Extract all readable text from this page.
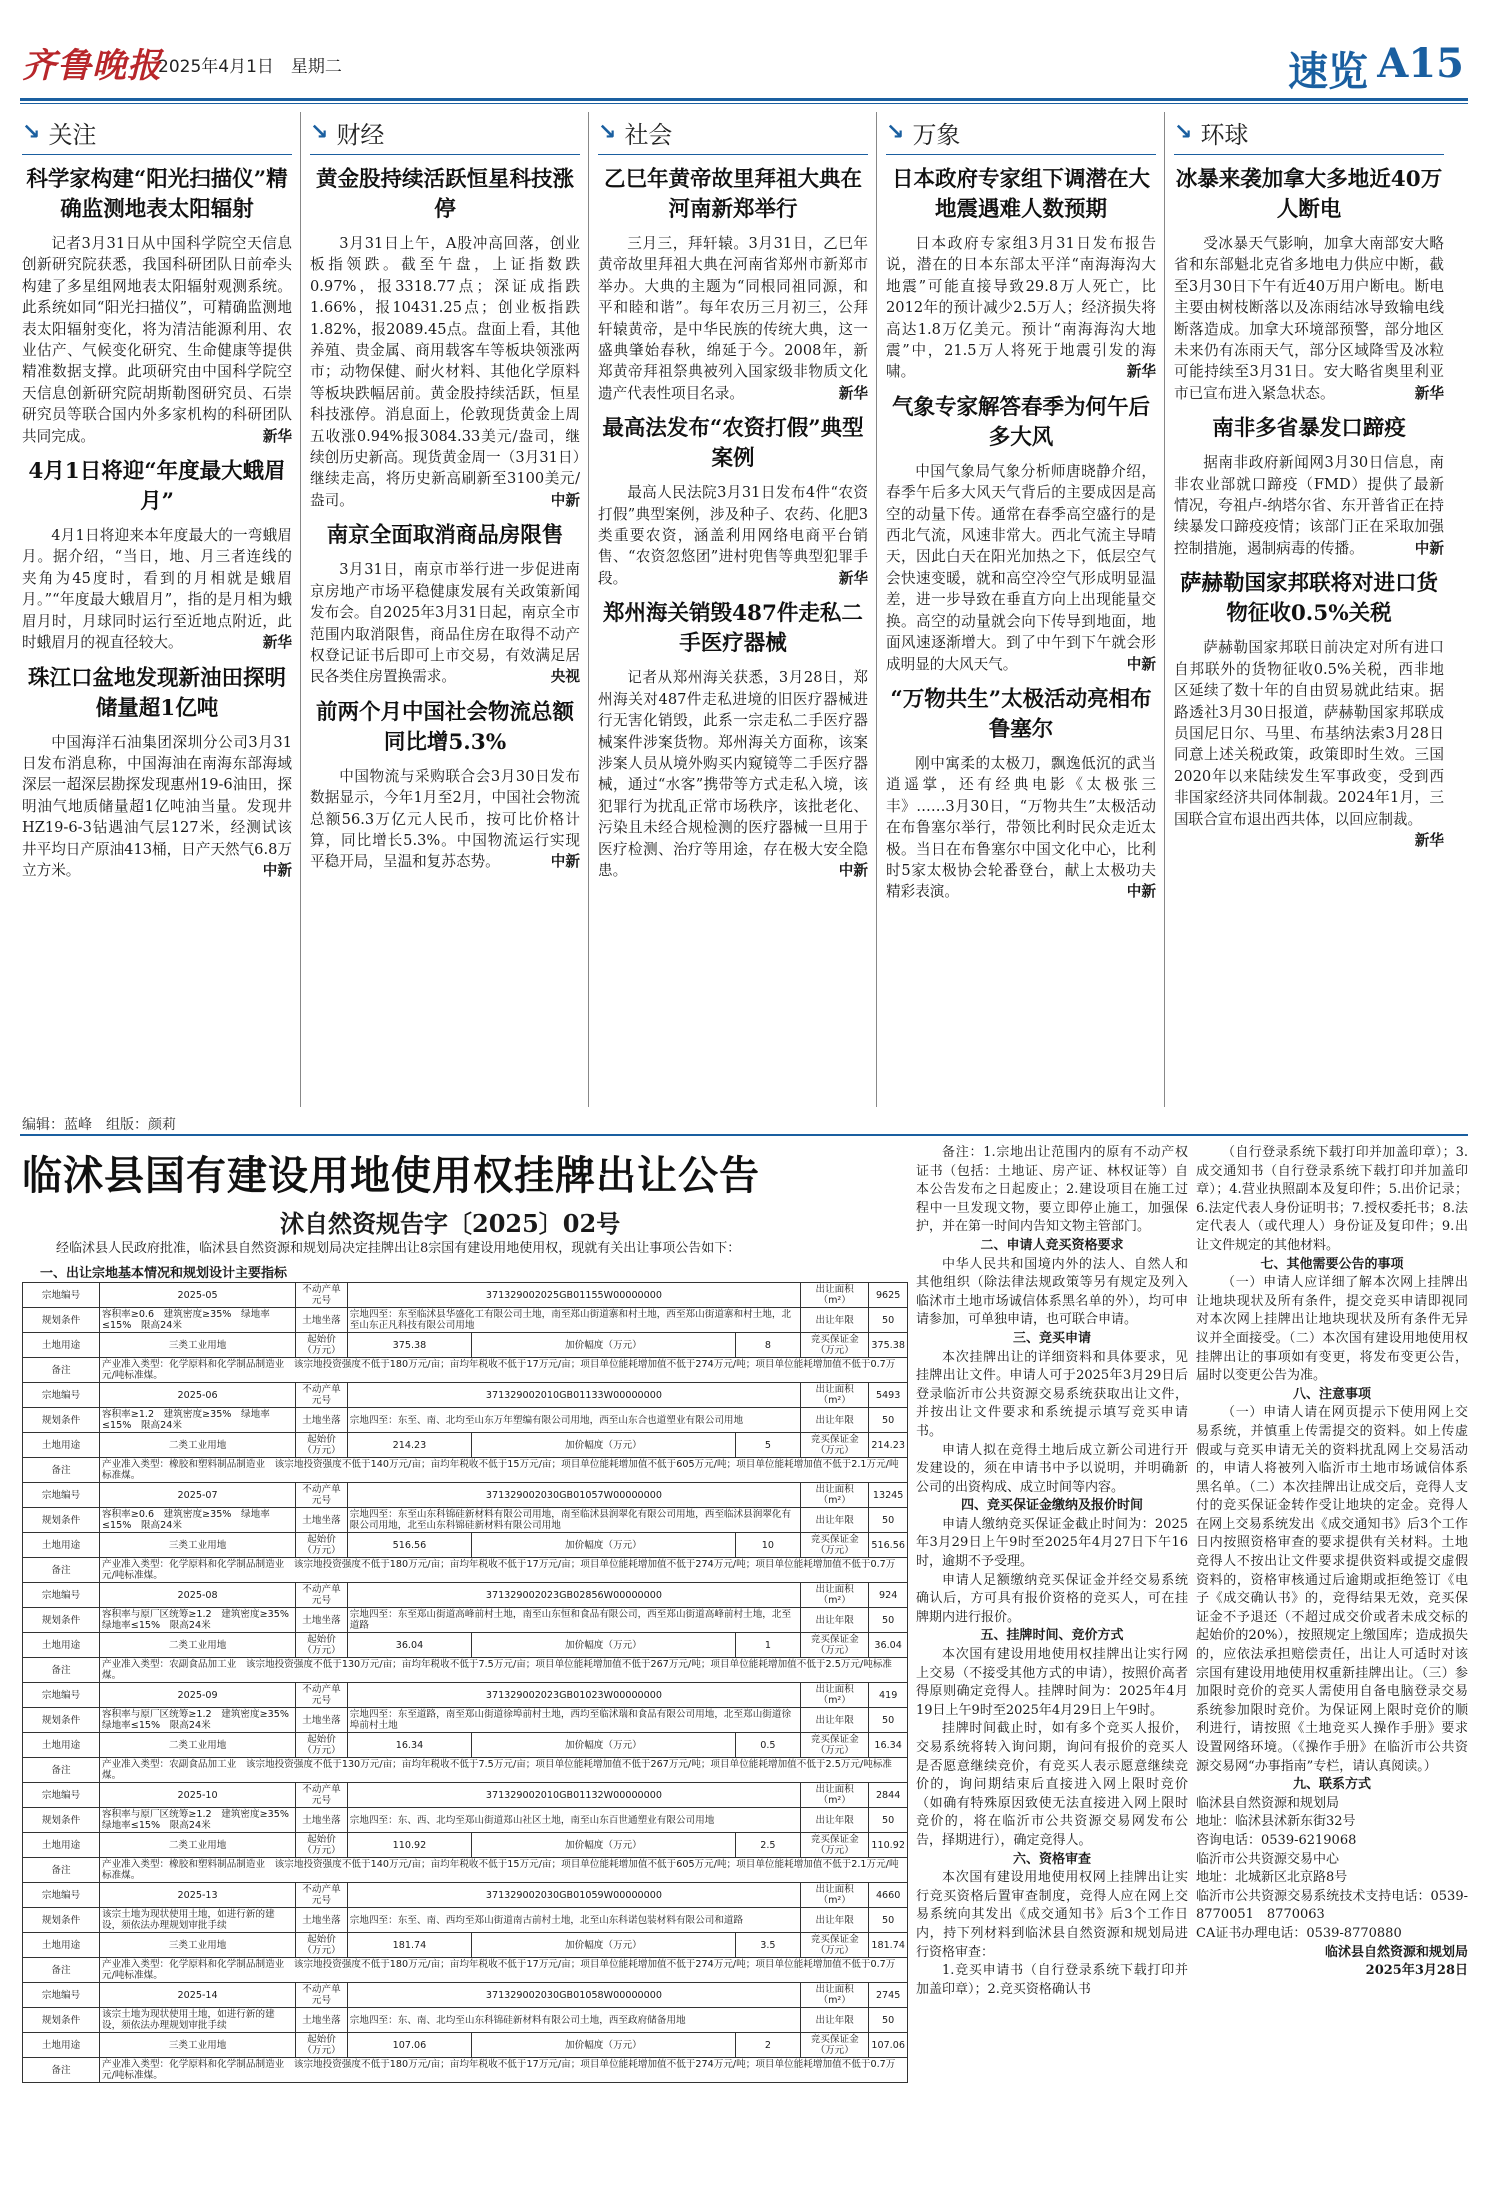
齐鲁晚报
2025年4月1日　星期二	速览 A15
↘ 关注
科学家构建“阳光扫描仪”精确监测地表太阳辐射

记者3月31日从中国科学院空天信息创新研究院获悉，我国科研团队日前牵头构建了多星组网地表太阳辐射观测系统。此系统如同“阳光扫描仪”，可精确监测地表太阳辐射变化，将为清洁能源利用、农业估产、气候变化研究、生命健康等提供精准数据支撑。此项研究由中国科学院空天信息创新研究院胡斯勒图研究员、石崇研究员等联合国内外多家机构的科研团队共同完成。	新华

4月1日将迎“年度最大蛾眉月”

4月1日将迎来本年度最大的一弯蛾眉月。据介绍，“当日，地、月三者连线的夹角为45度时，看到的月相就是蛾眉月。”“年度最大蛾眉月”，指的是月相为蛾眉月时，月球同时运行至近地点附近，此时蛾眉月的视直径较大。	新华

珠江口盆地发现新油田探明储量超1亿吨

中国海洋石油集团深圳分公司3月31日发布消息称，中国海油在南海东部海域深层一超深层勘探发现惠州19-6油田，探明油气地质储量超1亿吨油当量。发现井HZ19-6-3钻遇油气层127米，经测试该井平均日产原油413桶，日产天然气6.8万立方米。	中新

↘ 财经
黄金股持续活跃恒星科技涨停

3月31日上午，A股冲高回落，创业板指领跌。截至午盘，上证指数跌0.97%，报3318.77点；深证成指跌1.66%，报10431.25点；创业板指跌1.82%，报2089.45点。盘面上看，其他养殖、贵金属、商用载客车等板块领涨两市；动物保健、耐火材料、其他化学原料等板块跌幅居前。黄金股持续活跃，恒星科技涨停。消息面上，伦敦现货黄金上周五收涨0.94%报3084.33美元/盎司，继续创历史新高。现货黄金周一（3月31日）继续走高，将历史新高刷新至3100美元/盎司。	中新

南京全面取消商品房限售

3月31日，南京市举行进一步促进南京房地产市场平稳健康发展有关政策新闻发布会。自2025年3月31日起，南京全市范围内取消限售，商品住房在取得不动产权登记证书后即可上市交易，有效满足居民各类住房置换需求。	央视

前两个月中国社会物流总额同比增5.3%

中国物流与采购联合会3月30日发布数据显示，今年1月至2月，中国社会物流总额56.3万亿元人民币，按可比价格计算，同比增长5.3%。中国物流运行实现平稳开局，呈温和复苏态势。	中新

↘ 社会
乙巳年黄帝故里拜祖大典在河南新郑举行

三月三，拜轩辕。3月31日，乙巳年黄帝故里拜祖大典在河南省郑州市新郑市举办。大典的主题为“同根同祖同源，和平和睦和谐”。每年农历三月初三，公拜轩辕黄帝，是中华民族的传统大典，这一盛典肇始春秋，绵延于今。2008年，新郑黄帝拜祖祭典被列入国家级非物质文化遗产代表性项目名录。	新华

最高法发布“农资打假”典型案例

最高人民法院3月31日发布4件“农资打假”典型案例，涉及种子、农药、化肥3类重要农资，涵盖利用网络电商平台销售、“农资忽悠团”进村兜售等典型犯罪手段。	新华

郑州海关销毁487件走私二手医疗器械

记者从郑州海关获悉，3月28日，郑州海关对487件走私进境的旧医疗器械进行无害化销毁，此系一宗走私二手医疗器械案件涉案货物。郑州海关方面称，该案涉案人员从境外购买内窥镜等二手医疗器械，通过“水客”携带等方式走私入境，该犯罪行为扰乱正常市场秩序，该批老化、污染且未经合规检测的医疗器械一旦用于医疗检测、治疗等用途，存在极大安全隐患。	中新

↘ 万象
日本政府专家组下调潜在大地震遇难人数预期

日本政府专家组3月31日发布报告说，潜在的日本东部太平洋“南海海沟大地震”可能直接导致29.8万人死亡，比2012年的预计减少2.5万人；经济损失将高达1.8万亿美元。预计“南海海沟大地震”中，21.5万人将死于地震引发的海啸。	新华

气象专家解答春季为何午后多大风

中国气象局气象分析师唐晓静介绍，春季午后多大风天气背后的主要成因是高空的动量下传。通常在春季高空盛行的是西北气流，风速非常大。西北气流主导晴天，因此白天在阳光加热之下，低层空气会快速变暖，就和高空冷空气形成明显温差，进一步导致在垂直方向上出现能量交换。高空的动量就会向下传导到地面，地面风速逐渐增大。到了中午到下午就会形成明显的大风天气。	中新

“万物共生”太极活动亮相布鲁塞尔

刚中寓柔的太极刀，飘逸低沉的武当逍遥掌，还有经典电影《太极张三丰》……3月30日，“万物共生”太极活动在布鲁塞尔举行，带领比利时民众走近太极。当日在布鲁塞尔中国文化中心，比利时5家太极协会轮番登台，献上太极功夫精彩表演。	中新

↘ 环球
冰暴来袭加拿大多地近40万人断电

受冰暴天气影响，加拿大南部安大略省和东部魁北克省多地电力供应中断，截至3月30日下午有近40万用户断电。断电主要由树枝断落以及冻雨结冰导致输电线断落造成。加拿大环境部预警，部分地区未来仍有冻雨天气，部分区域降雪及冰粒可能持续至3月31日。安大略省奥里利亚市已宣布进入紧急状态。	新华

南非多省暴发口蹄疫

据南非政府新闻网3月30日信息，南非农业部就口蹄疫（FMD）提供了最新情况，夸祖卢-纳塔尔省、东开普省正在持续暴发口蹄疫疫情；该部门正在采取加强控制措施，遏制病毒的传播。	中新

萨赫勒国家邦联将对进口货物征收0.5%关税

萨赫勒国家邦联日前决定对所有进口自邦联外的货物征收0.5%关税，西非地区延续了数十年的自由贸易就此结束。据路透社3月30日报道，萨赫勒国家邦联成员国尼日尔、马里、布基纳法索3月28日同意上述关税政策，政策即时生效。三国2020年以来陆续发生军事政变，受到西非国家经济共同体制裁。2024年1月，三国联合宣布退出西共体，以回应制裁。
新华

编辑：蓝峰　组版：颜莉
临沭县国有建设用地使用权挂牌出让公告
沭自然资规告字〔2025〕02号
经临沭县人民政府批准，临沭县自然资源和规划局决定挂牌出让8宗国有建设用地使用权，现就有关出让事项公告如下：
一、出让宗地基本情况和规划设计主要指标
宗地编号	2025-05	不动产单元号	371329002025GB01155W00000000			出让面积（m²）	9625
规划条件	容积率≥0.6　建筑密度≥35%　绿地率≤15%　限高24米	土地坐落	宗地四至：东至临沭县华盛化工有限公司土地，南至郑山街道寨和村土地，西至郑山街道寨和村土地，北至山东正凡科技有限公司用地			出让年限	50
土地用途	三类工业用地	起始价（万元）	375.38	加价幅度（万元）	8	竞买保证金（万元）	375.38
备注	产业准入类型：化学原料和化学制品制造业　该宗地投资强度不低于180万元/亩；亩均年税收不低于17万元/亩；项目单位能耗增加值不低于274万元/吨；项目单位能耗增加值不低于0.7万元/吨标准煤。						
宗地编号	2025-06	不动产单元号	371329002010GB01133W00000000			出让面积（m²）	5493
规划条件	容积率≥1.2　建筑密度≥35%　绿地率≤15%　限高24米	土地坐落	宗地四至：东至、南、北均至山东万年塑编有限公司用地，西至山东合也道塑业有限公司用地			出让年限	50
土地用途	二类工业用地	起始价（万元）	214.23	加价幅度（万元）	5	竞买保证金（万元）	214.23
备注	产业准入类型：橡胶和塑料制品制造业　该宗地投资强度不低于140万元/亩；亩均年税收不低于15万元/亩；项目单位能耗增加值不低于605万元/吨；项目单位能耗增加值不低于2.1万元/吨标准煤。						
宗地编号	2025-07	不动产单元号	371329002030GB01057W00000000			出让面积（m²）	13245
规划条件	容积率≥0.6　建筑密度≥35%　绿地率≤15%　限高24米	土地坐落	宗地四至：东至山东科锦硅新材料有限公司用地，南至临沭县润翠化有限公司用地，西至临沭县润翠化有限公司用地，北至山东科锦硅新材料有限公司用地			出让年限	50
土地用途	三类工业用地	起始价（万元）	516.56	加价幅度（万元）	10	竞买保证金（万元）	516.56
备注	产业准入类型：化学原料和化学制品制造业　该宗地投资强度不低于180万元/亩；亩均年税收不低于17万元/亩；项目单位能耗增加值不低于274万元/吨；项目单位能耗增加值不低于0.7万元/吨标准煤。						
宗地编号	2025-08	不动产单元号	371329002023GB02856W00000000			出让面积（m²）	924
规划条件	容积率与原厂区统筹≥1.2　建筑密度≥35%　绿地率≤15%　限高24米	土地坐落	宗地四至：东至郑山街道高峰前村土地，南至山东恒和食品有限公司，西至郑山街道高峰前村土地，北至道路			出让年限	50
土地用途	二类工业用地	起始价（万元）	36.04	加价幅度（万元）	1	竞买保证金（万元）	36.04
备注	产业准入类型：农副食品加工业　该宗地投资强度不低于130万元/亩；亩均年税收不低于7.5万元/亩；项目单位能耗增加值不低于267万元/吨；项目单位能耗增加值不低于2.5万元/吨标准煤。						
宗地编号	2025-09	不动产单元号	371329002023GB01023W00000000			出让面积（m²）	419
规划条件	容积率与原厂区统筹≥1.2　建筑密度≥35%　绿地率≤15%　限高24米	土地坐落	宗地四至：东至道路，南至郑山街道徐埠前村土地，西均至临沭瑞和食品有限公司用地，北至郑山街道徐埠前村土地			出让年限	50
土地用途	二类工业用地	起始价（万元）	16.34	加价幅度（万元）	0.5	竞买保证金（万元）	16.34
备注	产业准入类型：农副食品加工业　该宗地投资强度不低于130万元/亩；亩均年税收不低于7.5万元/亩；项目单位能耗增加值不低于267万元/吨；项目单位能耗增加值不低于2.5万元/吨标准煤。						
宗地编号	2025-10	不动产单元号	371329002010GB01132W00000000			出让面积（m²）	2844
规划条件	容积率与原厂区统筹≥1.2　建筑密度≥35%　绿地率≤15%　限高24米	土地坐落	宗地四至：东、西、北均至郑山街道郑山社区土地，南至山东百世通塑业有限公司用地			出让年限	50
土地用途	二类工业用地	起始价（万元）	110.92	加价幅度（万元）	2.5	竞买保证金（万元）	110.92
备注	产业准入类型：橡胶和塑料制品制造业　该宗地投资强度不低于140万元/亩；亩均年税收不低于15万元/亩；项目单位能耗增加值不低于605万元/吨；项目单位能耗增加值不低于2.1万元/吨标准煤。						
宗地编号	2025-13	不动产单元号	371329002030GB01059W00000000			出让面积（m²）	4660
规划条件	该宗土地为现状使用土地，如进行新的建设，须依法办理规划审批手续	土地坐落	宗地四至：东至、南、西均至郑山街道南古前村土地，北至山东科诺包装材料有限公司和道路			出让年限	50
土地用途	三类工业用地	起始价（万元）	181.74	加价幅度（万元）	3.5	竞买保证金（万元）	181.74
备注	产业准入类型：化学原料和化学制品制造业　该宗地投资强度不低于180万元/亩；亩均年税收不低于17万元/亩；项目单位能耗增加值不低于274万元/吨；项目单位能耗增加值不低于0.7万元/吨标准煤。						
宗地编号	2025-14	不动产单元号	371329002030GB01058W00000000			出让面积（m²）	2745
规划条件	该宗土地为现状使用土地，如进行新的建设，须依法办理规划审批手续	土地坐落	宗地四至：东、南、北均至山东科锦硅新材料有限公司土地，西至政府储备用地			出让年限	50
土地用途	三类工业用地	起始价（万元）	107.06	加价幅度（万元）	2	竞买保证金（万元）	107.06
备注	产业准入类型：化学原料和化学制品制造业　该宗地投资强度不低于180万元/亩；亩均年税收不低于17万元/亩；项目单位能耗增加值不低于274万元/吨；项目单位能耗增加值不低于0.7万元/吨标准煤。						

备注：1.宗地出让范围内的原有不动产权证书（包括：土地证、房产证、林权证等）自本公告发布之日起废止；2.建设项目在施工过程中一旦发现文物，要立即停止施工，加强保护，并在第一时间内告知文物主管部门。

二、申请人竞买资格要求

中华人民共和国境内外的法人、自然人和其他组织（除法律法规政策等另有规定及列入临沭市土地市场诚信体系黑名单的外），均可申请参加，可单独申请，也可联合申请。

三、竞买申请

本次挂牌出让的详细资料和具体要求，见挂牌出让文件。申请人可于2025年3月29日后登录临沂市公共资源交易系统获取出让文件，并按出让文件要求和系统提示填写竞买申请书。

申请人拟在竞得土地后成立新公司进行开发建设的，须在申请书中予以说明，并明确新公司的出资构成、成立时间等内容。

四、竞买保证金缴纳及报价时间

申请人缴纳竞买保证金截止时间为：2025年3月29日上午9时至2025年4月27日下午16时，逾期不予受理。

申请人足额缴纳竞买保证金并经交易系统确认后，方可具有报价资格的竞买人，可在挂牌期内进行报价。

五、挂牌时间、竞价方式

本次国有建设用地使用权挂牌出让实行网上交易（不接受其他方式的申请），按照价高者得原则确定竞得人。挂牌时间为：2025年4月19日上午9时至2025年4月29日上午9时。

挂牌时间截止时，如有多个竞买人报价，交易系统将转入询问期，询问有报价的竞买人是否愿意继续竞价，有竞买人表示愿意继续竞价的，询问期结束后直接进入网上限时竞价（如确有特殊原因致使无法直接进入网上限时竞价的，将在临沂市公共资源交易网发布公告，择期进行），确定竞得人。

六、资格审查

本次国有建设用地使用权网上挂牌出让实行竞买资格后置审查制度，竞得人应在网上交易系统向其发出《成交通知书》后3个工作日内，持下列材料到临沭县自然资源和规划局进行资格审查：

1.竞买申请书（自行登录系统下载打印并加盖印章）；2.竞买资格确认书

（自行登录系统下载打印并加盖印章）；3.成交通知书（自行登录系统下载打印并加盖印章）；4.营业执照副本及复印件；5.出价记录；6.法定代表人身份证明书；7.授权委托书；8.法定代表人（或代理人）身份证及复印件；9.出让文件规定的其他材料。

七、其他需要公告的事项

（一）申请人应详细了解本次网上挂牌出让地块现状及所有条件，提交竞买申请即视同对本次网上挂牌出让地块现状及所有条件无异议并全面接受。（二）本次国有建设用地使用权挂牌出让的事项如有变更，将发布变更公告，届时以变更公告为准。

八、注意事项

（一）申请人请在网页提示下使用网上交易系统，并慎重上传需提交的资料。如上传虚假或与竞买申请无关的资料扰乱网上交易活动的，申请人将被列入临沂市土地市场诚信体系黑名单。（二）本次挂牌出让成交后，竞得人支付的竞买保证金转作受让地块的定金。竞得人在网上交易系统发出《成交通知书》后3个工作日内按照资格审查的要求提供有关材料。土地竞得人不按出让文件要求提供资料或提交虚假资料的，资格审核通过后逾期或拒绝签订《电子《成交确认书》的，竞得结果无效，竞买保证金不予退还（不超过成交价或者未成交标的起始价的20%），按照规定上缴国库；造成损失的，应依法承担赔偿责任，出让人可适时对该宗国有建设用地使用权重新挂牌出让。（三）参加限时竞价的竞买人需使用自备电脑登录交易系统参加限时竞价。为保证网上限时竞价的顺利进行，请按照《土地竞买人操作手册》要求设置网络环境。（《操作手册》在临沂市公共资源交易网“办事指南”专栏，请认真阅读。）

九、联系方式

临沭县自然资源和规划局

地址：临沭县沭新东街32号

咨询电话：0539-6219068

临沂市公共资源交易中心

地址：北城新区北京路8号

临沂市公共资源交易系统技术支持电话：0539-8770051　8770063

CA证书办理电话：0539-8770880

临沭县自然资源和规划局

2025年3月28日
